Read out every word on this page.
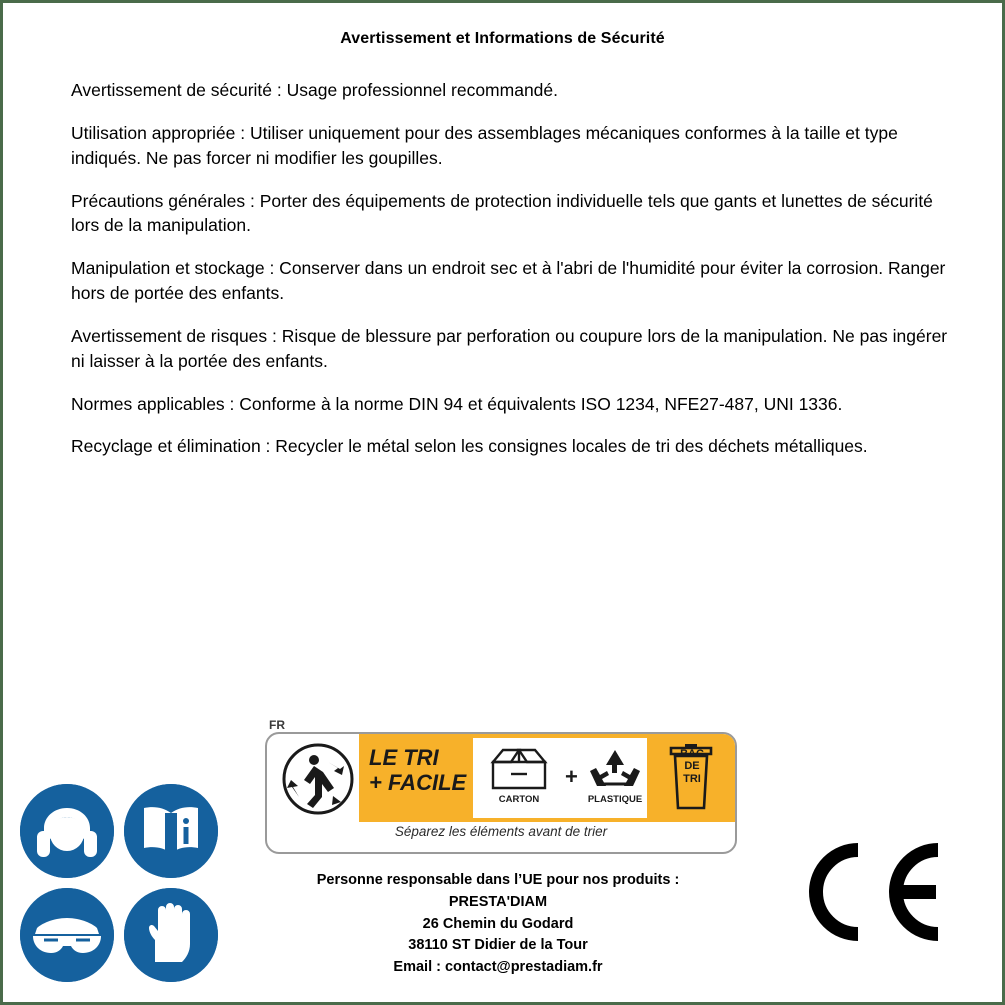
Avertissement et Informations de Sécurité
Avertissement de sécurité : Usage professionnel recommandé.
Utilisation appropriée : Utiliser uniquement pour des assemblages mécaniques conformes à la taille et type indiqués. Ne pas forcer ni modifier les goupilles.
Précautions générales : Porter des équipements de protection individuelle tels que gants et lunettes de sécurité lors de la manipulation.
Manipulation et stockage : Conserver dans un endroit sec et à l'abri de l'humidité pour éviter la corrosion. Ranger hors de portée des enfants.
Avertissement de risques : Risque de blessure par perforation ou coupure lors de la manipulation. Ne pas ingérer ni laisser à la portée des enfants.
Normes applicables : Conforme à la norme DIN 94 et équivalents ISO 1234, NFE27-487, UNI 1336.
Recyclage et élimination : Recycler le métal selon les consignes locales de tri des déchets métalliques.
FR
LE TRI
+ FACILE
CARTON
+
PLASTIQUE
BAC
DE
TRI
Séparez les éléments avant de trier
Personne responsable dans l’UE pour nos produits :
PRESTA'DIAM
26 Chemin du Godard
38110 ST Didier de la Tour
Email : contact@prestadiam.fr
